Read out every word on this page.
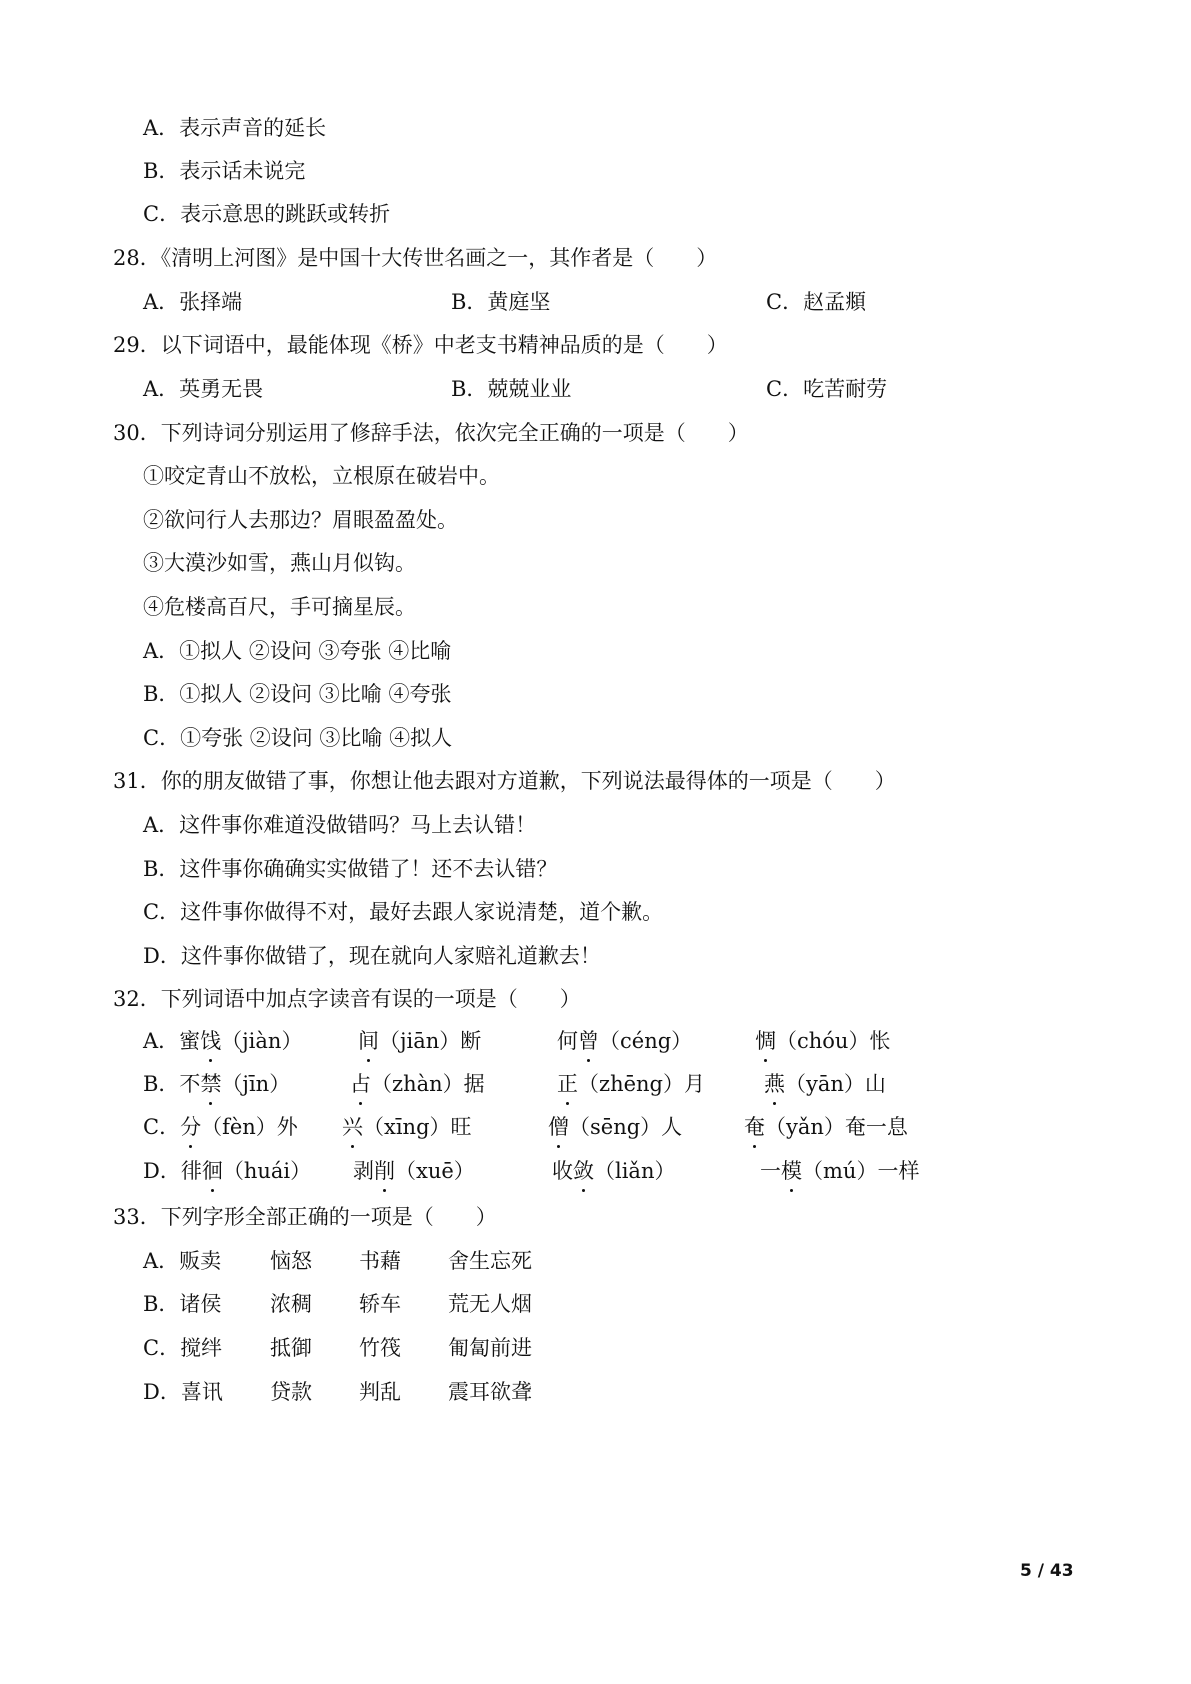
A．表示声音的延长
B．表示话未说完
C．表示意思的跳跃或转折
28．《清明上河图》是中国十大传世名画之一，其作者是（　　）
A．张择端	B．黄庭坚	C．赵孟頫
29．以下词语中，最能体现《桥》中老支书精神品质的是（　　）
A．英勇无畏	B．兢兢业业	C．吃苦耐劳
30．下列诗词分别运用了修辞手法，依次完全正确的一项是（　　）
①咬定青山不放松，立根原在破岩中。
②欲问行人去那边？眉眼盈盈处。
③大漠沙如雪，燕山月似钩。
④危楼高百尺，手可摘星辰。
A．①拟人 ②设问 ③夸张 ④比喻
B．①拟人 ②设问 ③比喻 ④夸张
C．①夸张 ②设问 ③比喻 ④拟人
31．你的朋友做错了事，你想让他去跟对方道歉，下列说法最得体的一项是（　　）
A．这件事你难道没做错吗？马上去认错！
B．这件事你确确实实做错了！还不去认错？
C．这件事你做得不对，最好去跟人家说清楚，道个歉。
D．这件事你做错了，现在就向人家赔礼道歉去！
32．下列词语中加点字读音有误的一项是（　　）
A．蜜饯（jiàn）	间（jiān）断	何曾（céng）	惆（chóu）怅
B．不禁（jīn）	占（zhàn）据	正（zhēng）月	燕（yān）山
C．分（fèn）外 兴（xīng）旺	僧（sēng）人	奄（yǎn）奄一息
D．徘徊（huái） 剥削（xuē）	收敛（liǎn）	一模（mú）一样
33．下列字形全部正确的一项是（　　）
A．贩卖 恼怒 书藉 舍生忘死
B．诸侯 浓稠 轿车 荒无人烟
C．搅绊 抵御 竹筏 匍匐前进
D．喜讯 贷款 判乱 震耳欲聋
5 / 43
